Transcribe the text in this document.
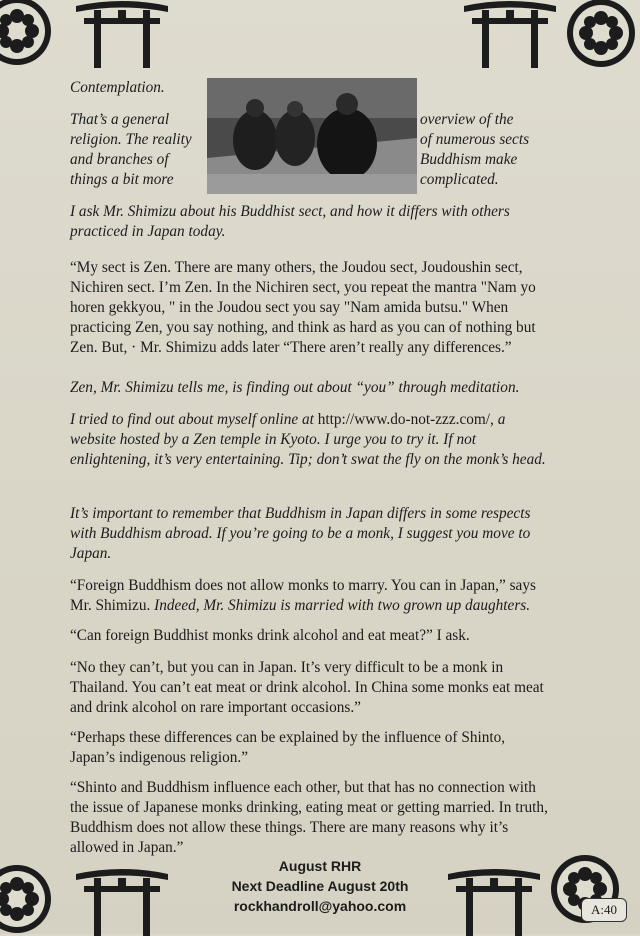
Contemplation.

That’s a general
religion. The reality
and branches of
things a bit more
overview of the
of numerous sects
Buddhism make
complicated.

I ask Mr. Shimizu about his Buddhist sect, and how it differs with others practiced in Japan today.

“My sect is Zen. There are many others, the Joudou sect, Joudoushin sect, Nichiren sect. I’m Zen. In the Nichiren sect, you repeat the mantra "Nam yo horen gekkyou, " in the Joudou sect you say "Nam amida butsu." When practicing Zen, you say nothing, and think as hard as you can of nothing but Zen. But, · Mr. Shimizu adds later “There aren’t really any differences.”

Zen, Mr. Shimizu tells me, is finding out about “you” through meditation.

I tried to find out about myself online at http://www.do-not-zzz.com/, a website hosted by a Zen temple in Kyoto. I urge you to try it. If not enlightening, it’s very entertaining. Tip; don’t swat the fly on the monk’s head.

It’s important to remember that Buddhism in Japan differs in some respects with Buddhism abroad. If you’re going to be a monk, I suggest you move to Japan.

“Foreign Buddhism does not allow monks to marry. You can in Japan,” says Mr. Shimizu. Indeed, Mr. Shimizu is married with two grown up daughters.

“Can foreign Buddhist monks drink alcohol and eat meat?” I ask.

“No they can’t, but you can in Japan. It’s very difficult to be a monk in Thailand. You can’t eat meat or drink alcohol. In China some monks eat meat and drink alcohol on rare important occasions.”

“Perhaps these differences can be explained by the influence of Shinto, Japan’s indigenous religion.”

“Shinto and Buddhism influence each other, but that has no connection with the issue of Japanese monks drinking, eating meat or getting married. In truth, Buddhism does not allow these things. There are many reasons why it’s allowed in Japan.”

August RHR
Next Deadline August 20th
rockhandroll@yahoo.com	A:40
